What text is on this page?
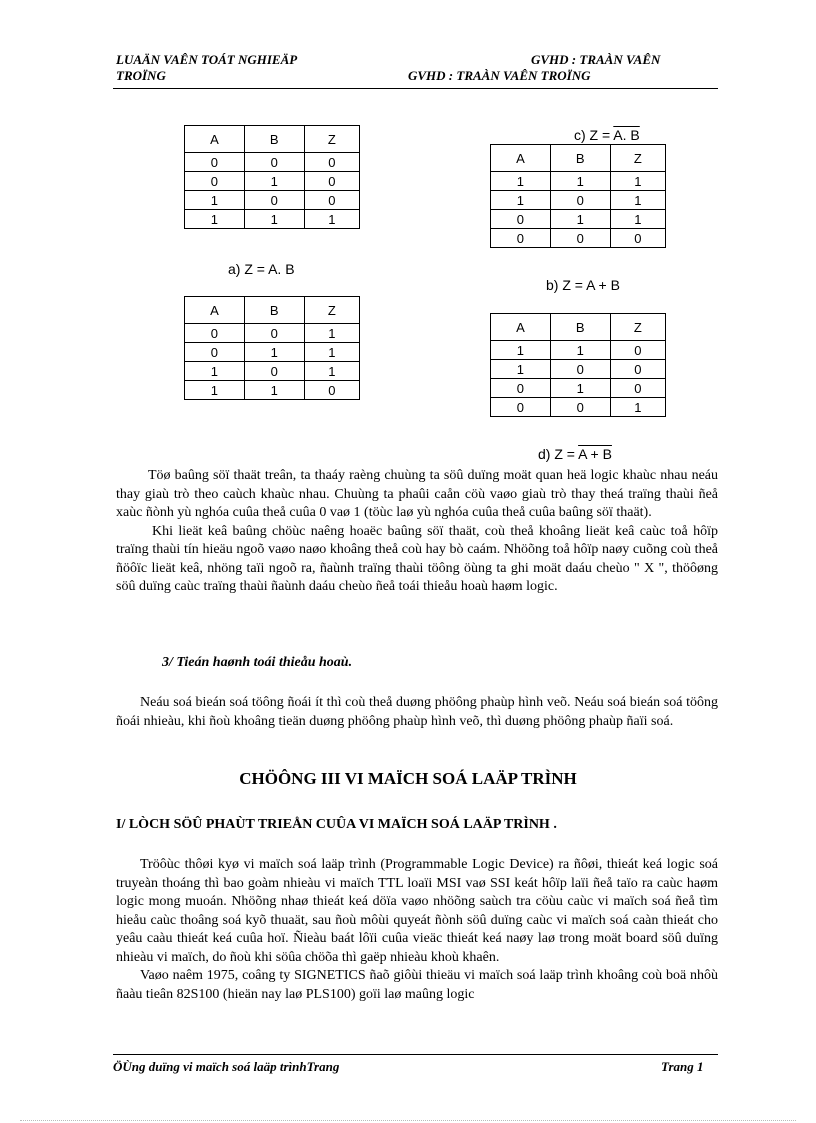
LUAÄN VAÊN TOÁT NGHIEÄP	GVHD : TRAÀN VAÊN
TROÏNG	GVHD : TRAÀN VAÊN TROÏNG
A	B	Z
0	0	0
0	1	0
1	0	0
1	1	1
a) Z = A. B
c) Z = A. B
A	B	Z
1	1	1
1	0	1
0	1	1
0	0	0
b) Z = A + B
A	B	Z
0	0	1
0	1	1
1	0	1
1	1	0
A	B	Z
1	1	0
1	0	0
0	1	0
0	0	1
d) Z = A + B

Töø baûng söï thaät treân, ta thaáy raèng chuùng ta söû duïng moät quan heä logic khaùc nhau neáu thay giaù trò theo caùch khaùc nhau. Chuùng ta phaûi caån cöù vaøo giaù trò thay theá traïng thaùi ñeå xaùc ñònh yù nghóa cuûa theå cuûa 0 vaø 1 (töùc laø yù nghóa cuûa theå cuûa baûng söï thaät).

Khi lieät keâ baûng chöùc naêng hoaëc baûng söï thaät, coù theå khoâng lieät keâ caùc toå hôïp traïng thaùi tín hieäu ngoõ vaøo naøo khoâng theå coù hay bò caám. Nhöõng toå hôïp naøy cuõng coù theå ñöôïc lieät keâ, nhöng taïi ngoõ ra, ñaùnh traïng thaùi töông öùng ta ghi moät daáu cheùo " X ", thöôøng söû duïng caùc traïng thaùi ñaùnh daáu cheùo ñeå toái thieåu hoaù haøm logic.

3/ Tieán haønh toái thieåu hoaù.

Neáu soá bieán soá töông ñoái ít thì coù theå duøng phöông phaùp hình veõ. Neáu soá bieán soá töông ñoái nhieàu, khi ñoù khoâng tieän duøng phöông phaùp hình veõ, thì duøng phöông phaùp ñaïi soá.

CHÖÔNG III VI MAÏCH SOÁ LAÄP TRÌNH
I/ LÒCH SÖÛ PHAÙT TRIEÅN CUÛA VI MAÏCH SOÁ LAÄP TRÌNH .

Tröôùc thôøi kyø vi maïch soá laäp trình (Programmable Logic Device) ra ñôøi, thieát keá logic soá truyeàn thoáng thì bao goàm nhieàu vi maïch TTL loaïi MSI vaø SSI keát hôïp laïi ñeå taïo ra caùc haøm logic mong muoán. Nhöõng nhaø thieát keá döïa vaøo nhöõng saùch tra cöùu caùc vi maïch soá ñeå tìm hieåu caùc thoâng soá kyõ thuaät, sau ñoù môùi quyeát ñònh söû duïng caùc vi maïch soá caàn thieát cho yeâu caàu thieát keá cuûa hoï. Ñieàu baát lôïi cuûa vieäc thieát keá naøy laø trong moät board söû duïng nhieàu vi maïch, do ñoù khi söûa chöõa thì gaëp nhieàu khoù khaên.

Vaøo naêm 1975, coâng ty SIGNETICS ñaõ giôùi thieäu vi maïch soá laäp trình khoâng coù boä nhôù ñaàu tieân 82S100 (hieän nay laø PLS100) goïi laø maûng logic

ÖÙng duïng vi maïch soá laäp trìnhTrang	Trang 1
